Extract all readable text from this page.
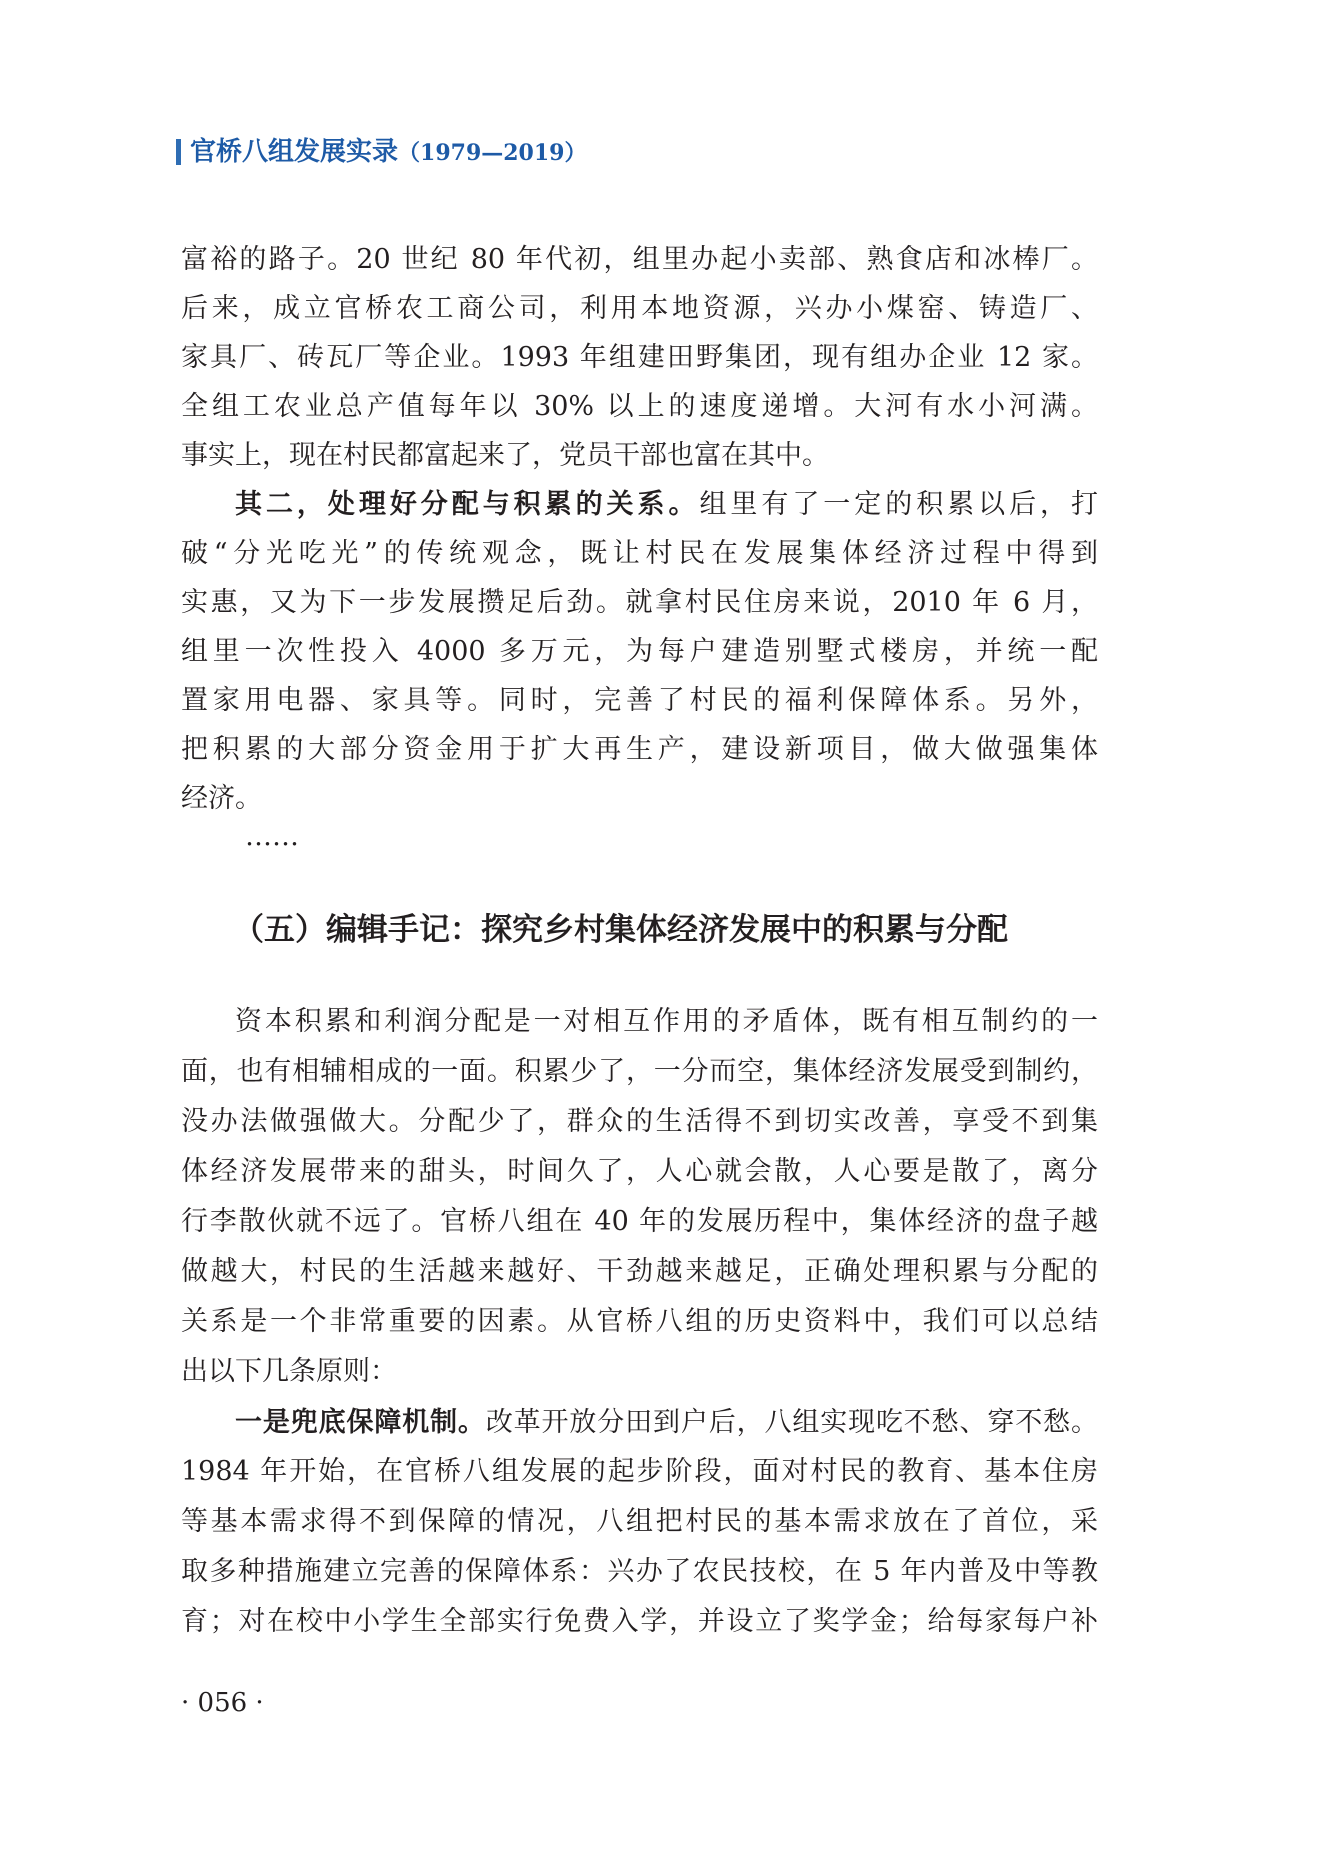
官桥八组发展实录（1979—2019）
富裕的路子。20 世纪 80 年代初，组里办起小卖部、熟食店和冰棒厂。
后来，成立官桥农工商公司，利用本地资源，兴办小煤窑、铸造厂、
家具厂、砖瓦厂等企业。1993 年组建田野集团，现有组办企业 12 家。
全组工农业总产值每年以 30% 以上的速度递增。大河有水小河满。
事实上，现在村民都富起来了，党员干部也富在其中。
其二，处理好分配与积累的关系。组里有了一定的积累以后，打
破“分光吃光”的传统观念，既让村民在发展集体经济过程中得到
实惠，又为下一步发展攒足后劲。就拿村民住房来说，2010 年 6 月，
组里一次性投入 4000 多万元，为每户建造别墅式楼房，并统一配
置家用电器、家具等。同时，完善了村民的福利保障体系。另外，
把积累的大部分资金用于扩大再生产，建设新项目，做大做强集体
经济。
……
（五）编辑手记：探究乡村集体经济发展中的积累与分配
资本积累和利润分配是一对相互作用的矛盾体，既有相互制约的一
面，也有相辅相成的一面。积累少了，一分而空，集体经济发展受到制约，
没办法做强做大。分配少了，群众的生活得不到切实改善，享受不到集
体经济发展带来的甜头，时间久了，人心就会散，人心要是散了，离分
行李散伙就不远了。官桥八组在 40 年的发展历程中，集体经济的盘子越
做越大，村民的生活越来越好、干劲越来越足，正确处理积累与分配的
关系是一个非常重要的因素。从官桥八组的历史资料中，我们可以总结
出以下几条原则：
一是兜底保障机制。改革开放分田到户后，八组实现吃不愁、穿不愁。
1984 年开始，在官桥八组发展的起步阶段，面对村民的教育、基本住房
等基本需求得不到保障的情况，八组把村民的基本需求放在了首位，采
取多种措施建立完善的保障体系：兴办了农民技校，在 5 年内普及中等教
育；对在校中小学生全部实行免费入学，并设立了奖学金；给每家每户补
· 056 ·
